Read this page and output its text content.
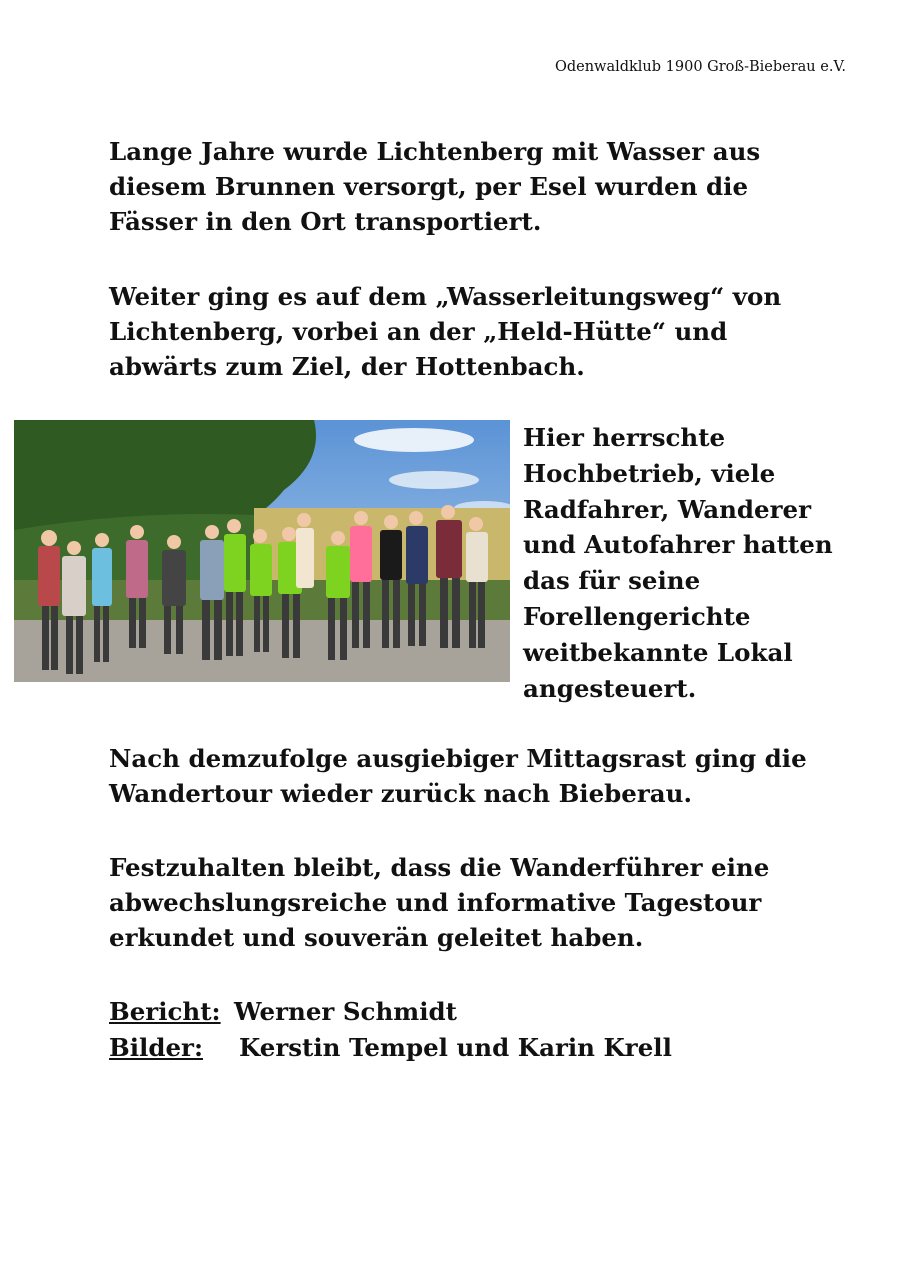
Odenwaldklub 1900 Groß-Bieberau e.V.

Lange Jahre wurde Lichtenberg mit Wasser aus diesem Brunnen versorgt, per Esel wurden die Fässer in den Ort transportiert.

Weiter ging es auf dem „Wasserleitungsweg“ von Lichtenberg, vorbei an der „Held-Hütte“ und abwärts zum Ziel, der Hottenbach.

Hier herrschte Hochbetrieb, viele Radfahrer, Wanderer und Autofahrer hatten das für seine Forellengerichte weitbekannte Lokal angesteuert.

Nach demzufolge ausgiebiger Mittagsrast ging die Wandertour wieder zurück nach Bieberau.

Festzuhalten bleibt, dass die Wanderführer eine abwechslungsreiche und informative Tagestour erkundet und souverän geleitet haben.

Bericht: Werner Schmidt
Bilder: Kerstin Tempel und Karin Krell
